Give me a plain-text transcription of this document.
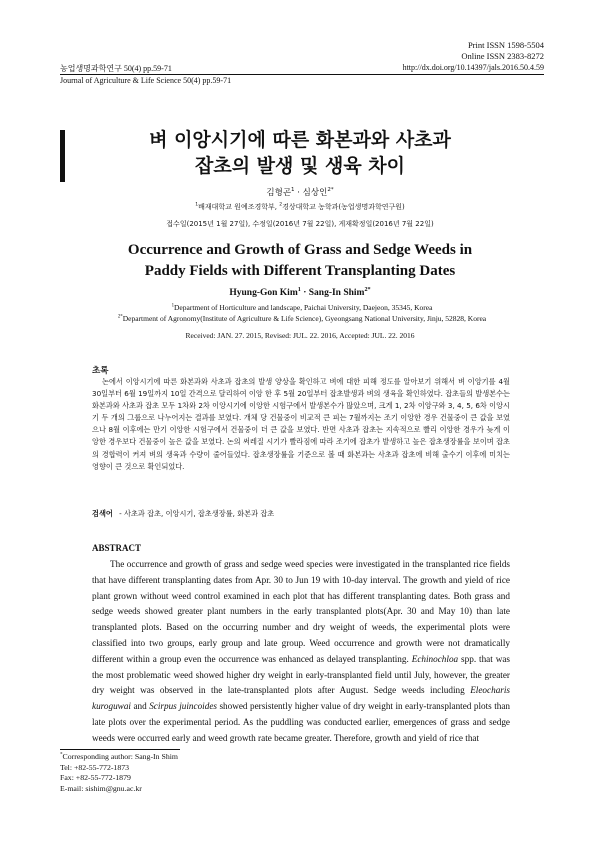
Print ISSN 1598-5504
Online ISSN 2383-8272
농업생명과학연구 50(4) pp.59-71	http://dx.doi.org/10.14397/jals.2016.50.4.59
Journal of Agriculture & Life Science 50(4) pp.59-71
벼 이앙시기에 따른 화본과와 사초과
잡초의 발생 및 생육 차이
김형곤$^1$ · 심상인$^{2*}$
$^1$배재대학교 원예조경학부, $^2$경상대학교 농학과(농업생명과학연구원)
접수일(2015년 1월 27일), 수정일(2016년 7월 22일), 게재확정일(2016년 7월 22일)
Occurrence and Growth of Grass and Sedge Weeds in
Paddy Fields with Different Transplanting Dates
Hyung-Gon Kim$^1$ · Sang-In Shim$^{2*}$
$^1$Department of Horticulture and landscape, Paichai University, Daejeon, 35345, Korea
$^{2*}$Department of Agronomy(Institute of Agriculture & Life Science), Gyeongsang National University, Jinju, 52828, Korea
Received: JAN. 27. 2015, Revised: JUL. 22. 2016, Accepted: JUL. 22. 2016
초록
논에서 이앙시기에 따른 화본과와 사초과 잡초의 발생 양상을 확인하고 벼에 대한 피해 정도를 알아보기 위해서 벼 이앙기를 4월 30일부터 6월 19일까지 10일 간격으로 달리하여 이앙 한 후 5월 20일부터 잡초발생과 벼의 생육을 확인하였다. 잡초들의 발생본수는 화본과와 사초과 잡초 모두 1차와 2차 이앙시기에 이앙한 시험구에서 발생본수가 많았으며, 크게 1, 2차 이앙구와 3, 4, 5, 6차 이앙시기 두 개의 그룹으로 나누어지는 결과를 보였다. 개체 당 건물중이 비교적 큰 피는 7월까지는 조기 이앙한 경우 건물중이 큰 값을 보였으나 8월 이후에는 만기 이앙한 시험구에서 건물중이 더 큰 값을 보였다. 반면 사초과 잡초는 지속적으로 빨리 이앙한 경우가 늦게 이앙한 경우보다 건물중이 높은 값을 보였다. 논의 써레질 시기가 빨라짐에 따라 조기에 잡초가 발생하고 높은 잡초생장률을 보이며 잡초의 경합력이 커져 벼의 생육과 수량이 줄어들었다. 잡초생장률을 기준으로 볼 때 화본과는 사초과 잡초에 비해 출수기 이후에 미치는 영향이 큰 것으로 확인되었다.
검색어 - 사초과 잡초, 이앙시기, 잡초생장률, 화본과 잡초
ABSTRACT
The occurrence and growth of grass and sedge weed species were investigated in the transplanted rice fields that have different transplanting dates from Apr. 30 to Jun 19 with 10-day interval. The growth and yield of rice plant grown without weed control examined in each plot that has different transplanting dates. Both grass and sedge weeds showed greater plant numbers in the early transplanted plots(Apr. 30 and May 10) than late transplanted plots. Based on the occurring number and dry weight of weeds, the experimental plots were classified into two groups, early group and late group. Weed occurrence and growth were not dramatically different within a group even the occurrence was enhanced as delayed transplanting. Echinochloa spp. that was the most problematic weed showed higher dry weight in early-transplanted field until July, however, the greater dry weight was observed in the late-transplanted plots after August. Sedge weeds including Eleocharis kuroguwai and Scirpus juincoides showed persistently higher value of dry weight in early-transplanted plots than late plots over the experimental period. As the puddling was conducted earlier, emergences of grass and sedge weeds were occurred early and weed growth rate became greater. Therefore, growth and yield of rice that
*Corresponding author: Sang-In Shim
Tel: +82-55-772-1873
Fax: +82-55-772-1879
E-mail: sishim@gnu.ac.kr
